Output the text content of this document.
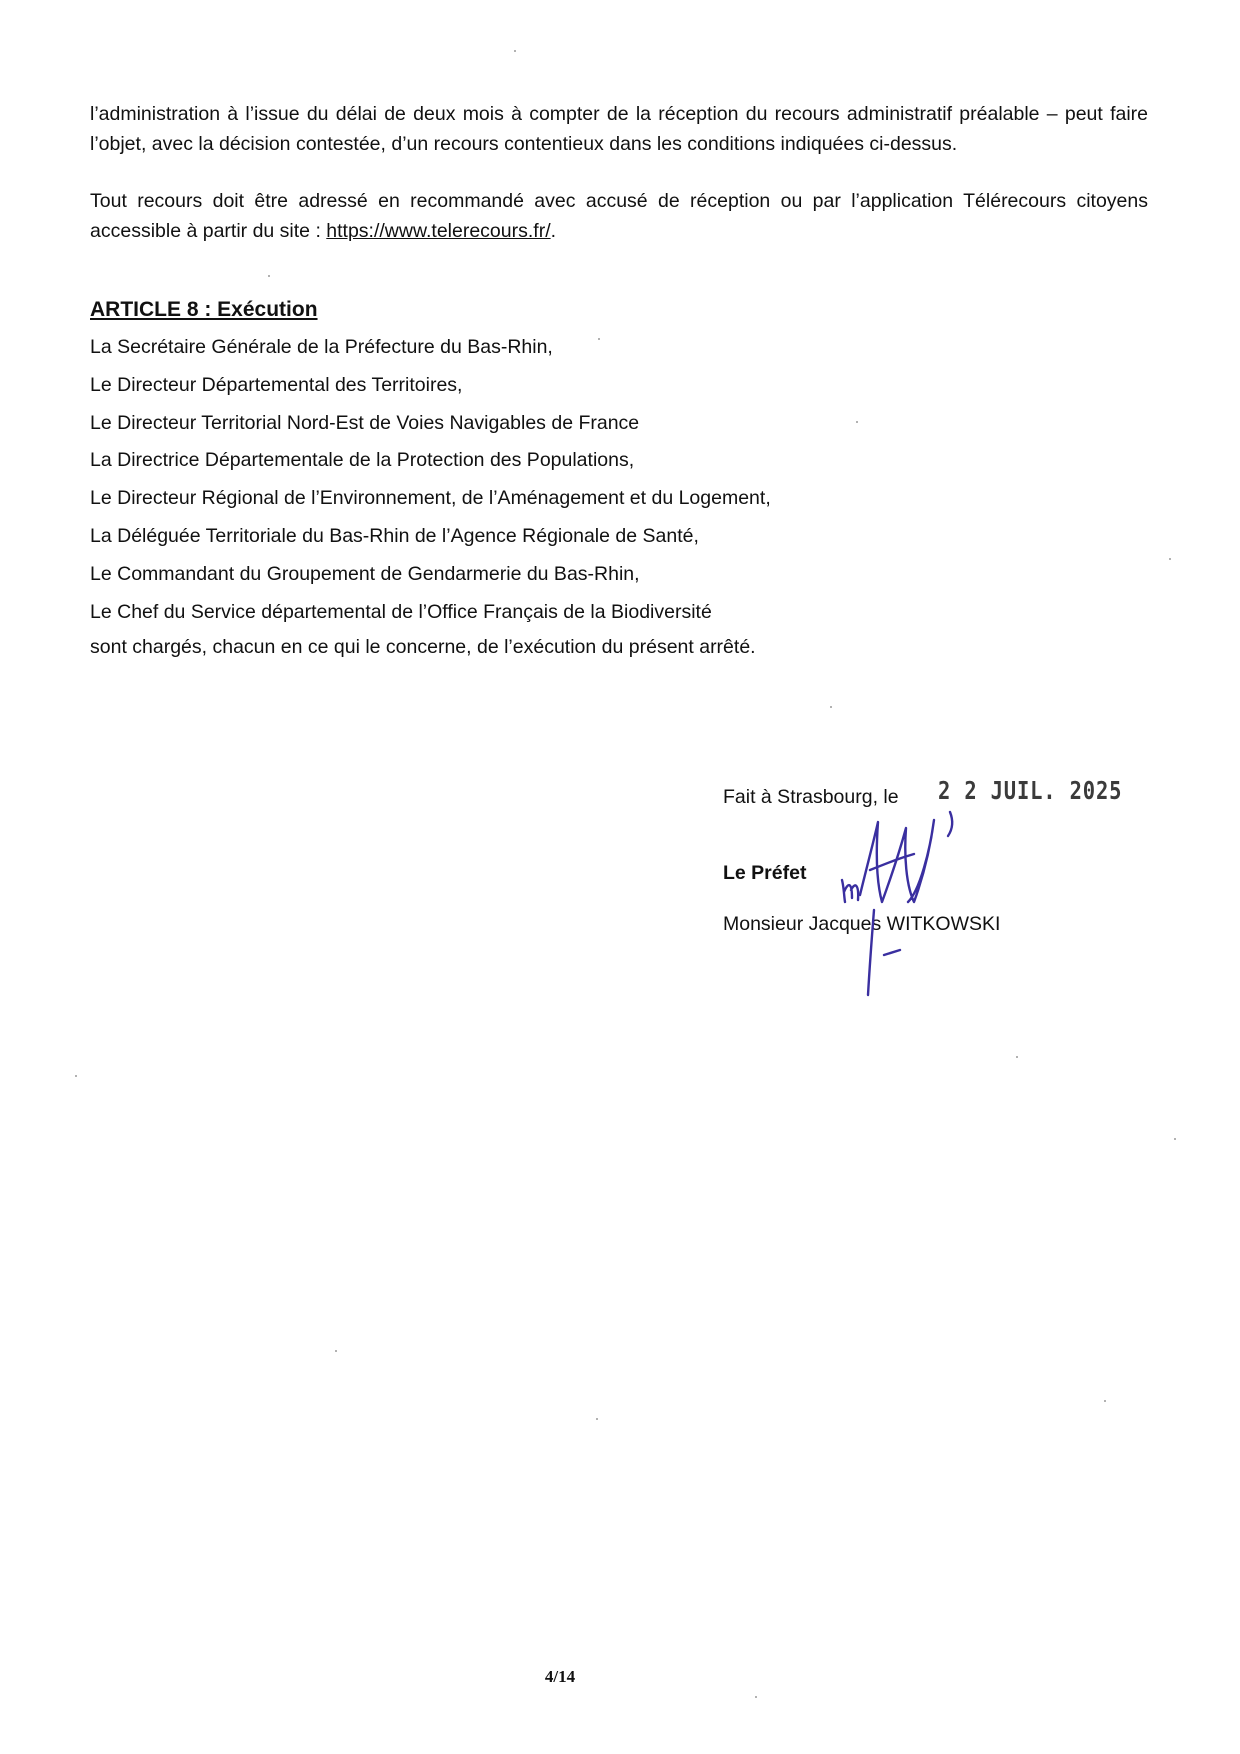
l’administration à l’issue du délai de deux mois à compter de la réception du recours administratif préalable – peut faire l’objet, avec la décision contestée, d’un recours contentieux dans les conditions indiquées ci-dessus.

Tout recours doit être adressé en recommandé avec accusé de réception ou par l’application Télérecours citoyens accessible à partir du site : https://www.telerecours.fr/.

ARTICLE 8 : Exécution
La Secrétaire Générale de la Préfecture du Bas-Rhin,
Le Directeur Départemental des Territoires,
Le Directeur Territorial Nord-Est de Voies Navigables de France
La Directrice Départementale de la Protection des Populations,
Le Directeur Régional de l’Environnement, de l’Aménagement et du Logement,
La Déléguée Territoriale du Bas-Rhin de l’Agence Régionale de Santé,
Le Commandant du Groupement de Gendarmerie du Bas-Rhin,
Le Chef du Service départemental de l’Office Français de la Biodiversité

sont chargés, chacun en ce qui le concerne, de l’exécution du présent arrêté.

Fait à Strasbourg, le 2 2 JUIL. 2025
Le Préfet
Monsieur Jacques WITKOWSKI
4/14
